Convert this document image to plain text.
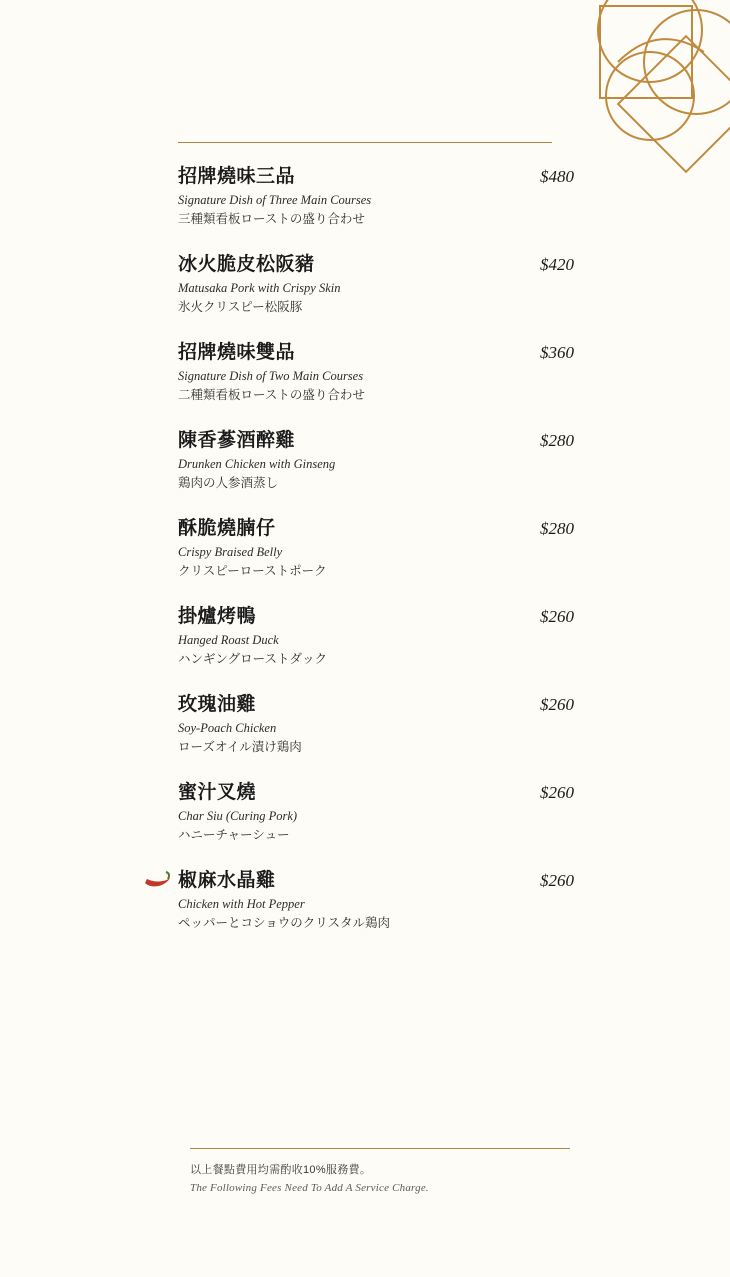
$480
招牌燒味三品
Signature Dish of Three Main Courses
三種類看板ローストの盛り合わせ
$420
冰火脆皮松阪豬
Matusaka Pork with Crispy Skin
氷火クリスピー松阪豚
$360
招牌燒味雙品
Signature Dish of Two Main Courses
二種類看板ローストの盛り合わせ
$280
陳香蔘酒醉雞
Drunken Chicken with Ginseng
鶏肉の人参酒蒸し
$280
酥脆燒腩仔
Crispy Braised Belly
クリスピーローストポーク
$260
掛爐烤鴨
Hanged Roast Duck
ハンギングローストダック
$260
玫瑰油雞
Soy-Poach Chicken
ローズオイル漬け鶏肉
$260
蜜汁叉燒
Char Siu (Curing Pork)
ハニーチャーシュー
$260
椒麻水晶雞
Chicken with Hot Pepper
ペッパーとコショウのクリスタル鶏肉
以上餐點費用均需酌收10%服務費。
The Following Fees Need To Add A Service Charge.
